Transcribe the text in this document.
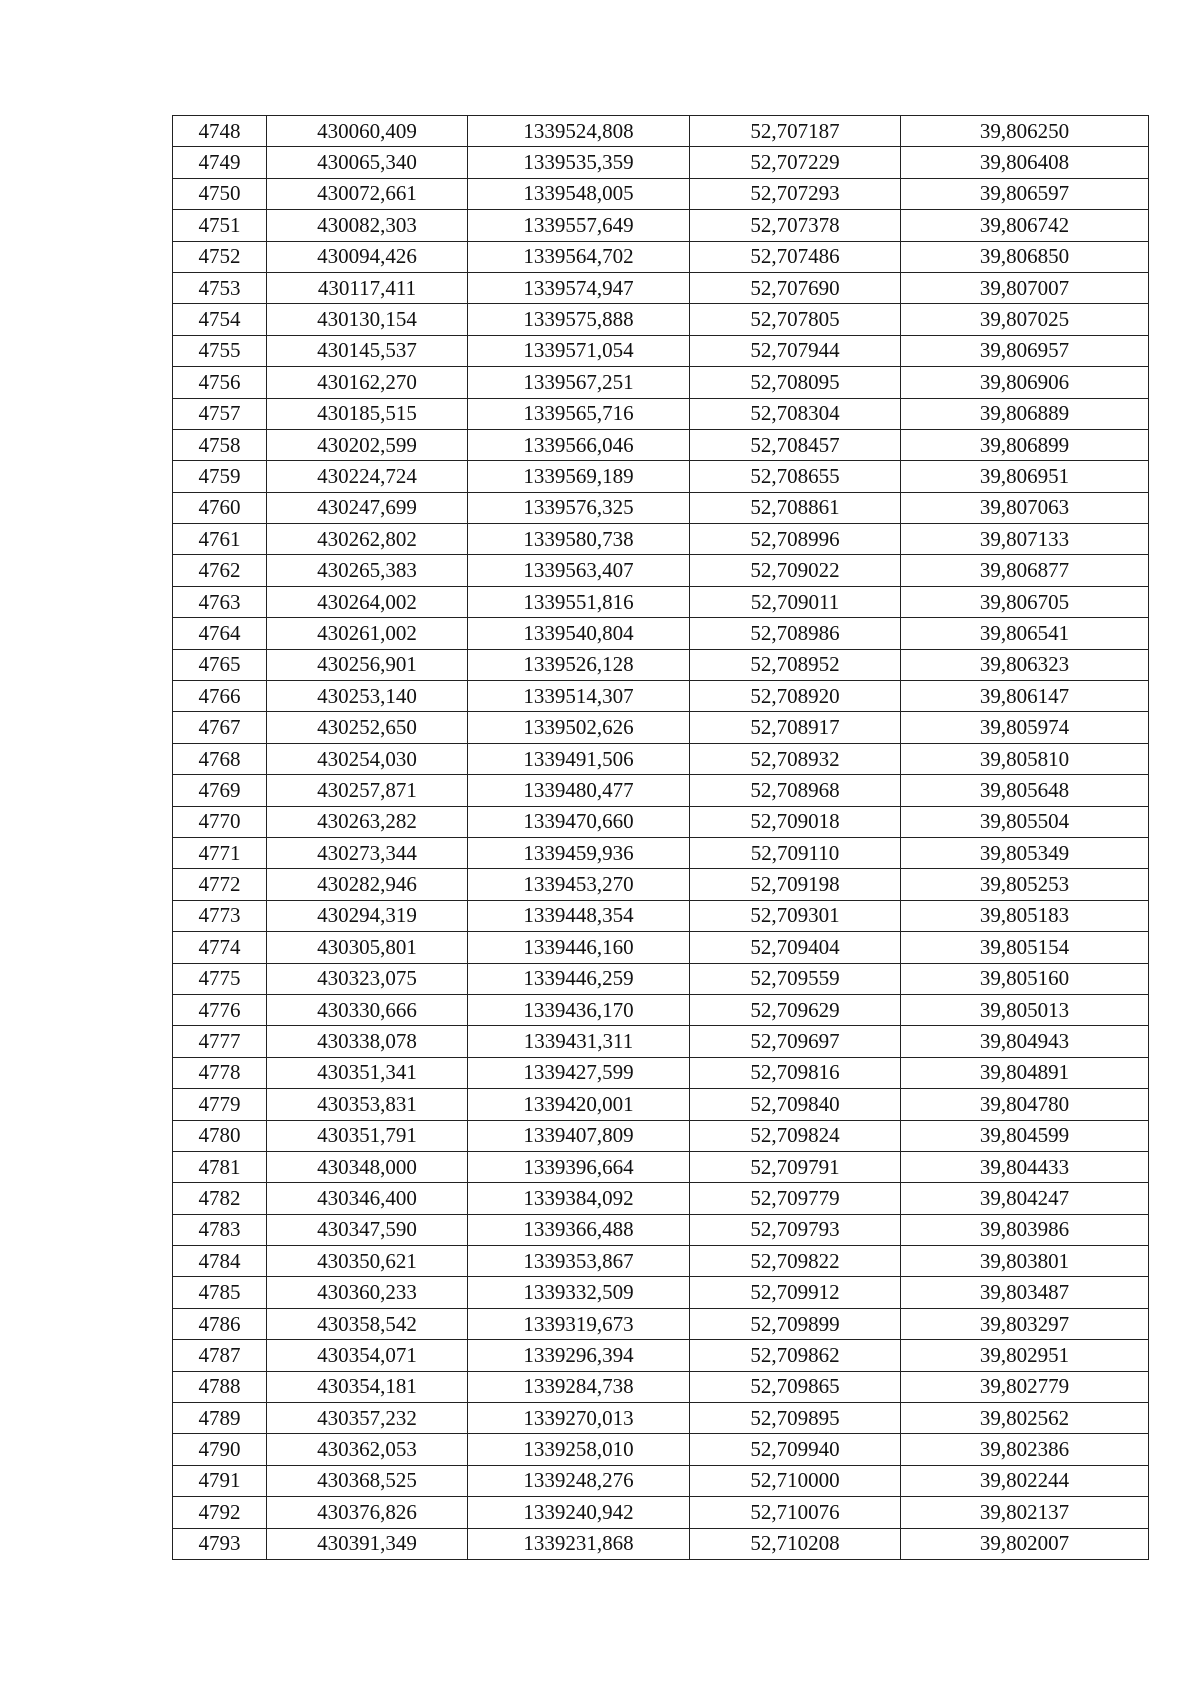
4748	430060,409	1339524,808	52,707187	39,806250
4749	430065,340	1339535,359	52,707229	39,806408
4750	430072,661	1339548,005	52,707293	39,806597
4751	430082,303	1339557,649	52,707378	39,806742
4752	430094,426	1339564,702	52,707486	39,806850
4753	430117,411	1339574,947	52,707690	39,807007
4754	430130,154	1339575,888	52,707805	39,807025
4755	430145,537	1339571,054	52,707944	39,806957
4756	430162,270	1339567,251	52,708095	39,806906
4757	430185,515	1339565,716	52,708304	39,806889
4758	430202,599	1339566,046	52,708457	39,806899
4759	430224,724	1339569,189	52,708655	39,806951
4760	430247,699	1339576,325	52,708861	39,807063
4761	430262,802	1339580,738	52,708996	39,807133
4762	430265,383	1339563,407	52,709022	39,806877
4763	430264,002	1339551,816	52,709011	39,806705
4764	430261,002	1339540,804	52,708986	39,806541
4765	430256,901	1339526,128	52,708952	39,806323
4766	430253,140	1339514,307	52,708920	39,806147
4767	430252,650	1339502,626	52,708917	39,805974
4768	430254,030	1339491,506	52,708932	39,805810
4769	430257,871	1339480,477	52,708968	39,805648
4770	430263,282	1339470,660	52,709018	39,805504
4771	430273,344	1339459,936	52,709110	39,805349
4772	430282,946	1339453,270	52,709198	39,805253
4773	430294,319	1339448,354	52,709301	39,805183
4774	430305,801	1339446,160	52,709404	39,805154
4775	430323,075	1339446,259	52,709559	39,805160
4776	430330,666	1339436,170	52,709629	39,805013
4777	430338,078	1339431,311	52,709697	39,804943
4778	430351,341	1339427,599	52,709816	39,804891
4779	430353,831	1339420,001	52,709840	39,804780
4780	430351,791	1339407,809	52,709824	39,804599
4781	430348,000	1339396,664	52,709791	39,804433
4782	430346,400	1339384,092	52,709779	39,804247
4783	430347,590	1339366,488	52,709793	39,803986
4784	430350,621	1339353,867	52,709822	39,803801
4785	430360,233	1339332,509	52,709912	39,803487
4786	430358,542	1339319,673	52,709899	39,803297
4787	430354,071	1339296,394	52,709862	39,802951
4788	430354,181	1339284,738	52,709865	39,802779
4789	430357,232	1339270,013	52,709895	39,802562
4790	430362,053	1339258,010	52,709940	39,802386
4791	430368,525	1339248,276	52,710000	39,802244
4792	430376,826	1339240,942	52,710076	39,802137
4793	430391,349	1339231,868	52,710208	39,802007
